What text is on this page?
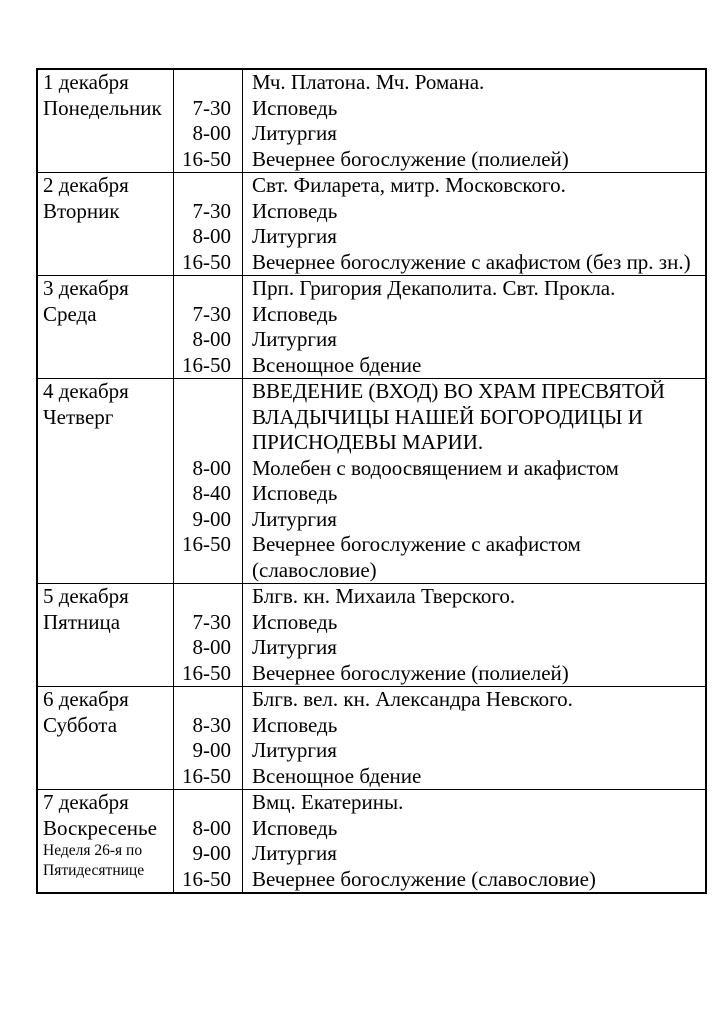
1 декабря
Понедельник
Мч. Платона. Мч. Романа.
7-30	Исповедь
8-00	Литургия
16-50	Вечернее богослужение (полиелей)
2 декабря
Вторник
Свт. Филарета, митр. Московского.
7-30	Исповедь
8-00	Литургия
16-50	Вечернее богослужение с акафистом (без пр. зн.)
3 декабря
Среда
Прп. Григория Декаполита. Свт. Прокла.
7-30	Исповедь
8-00	Литургия
16-50	Всенощное бдение
4 декабря
Четверг
ВВЕДЕНИЕ (ВХОД) ВО ХРАМ ПРЕСВЯТОЙ ВЛАДЫЧИЦЫ НАШЕЙ БОГОРОДИЦЫ И ПРИСНОДЕВЫ МАРИИ.
8-00	Молебен с водоосвящением и акафистом
8-40	Исповедь
9-00	Литургия
16-50	Вечернее богослужение с акафистом (славословие)
5 декабря
Пятница
Блгв. кн. Михаила Тверского.
7-30	Исповедь
8-00	Литургия
16-50	Вечернее богослужение (полиелей)
6 декабря
Суббота
Блгв. вел. кн. Александра Невского.
8-30	Исповедь
9-00	Литургия
16-50	Всенощное бдение
7 декабря
Воскресенье
Неделя 26-я по Пятидесятнице
Вмц. Екатерины.
8-00	Исповедь
9-00	Литургия
16-50	Вечернее богослужение (славословие)
